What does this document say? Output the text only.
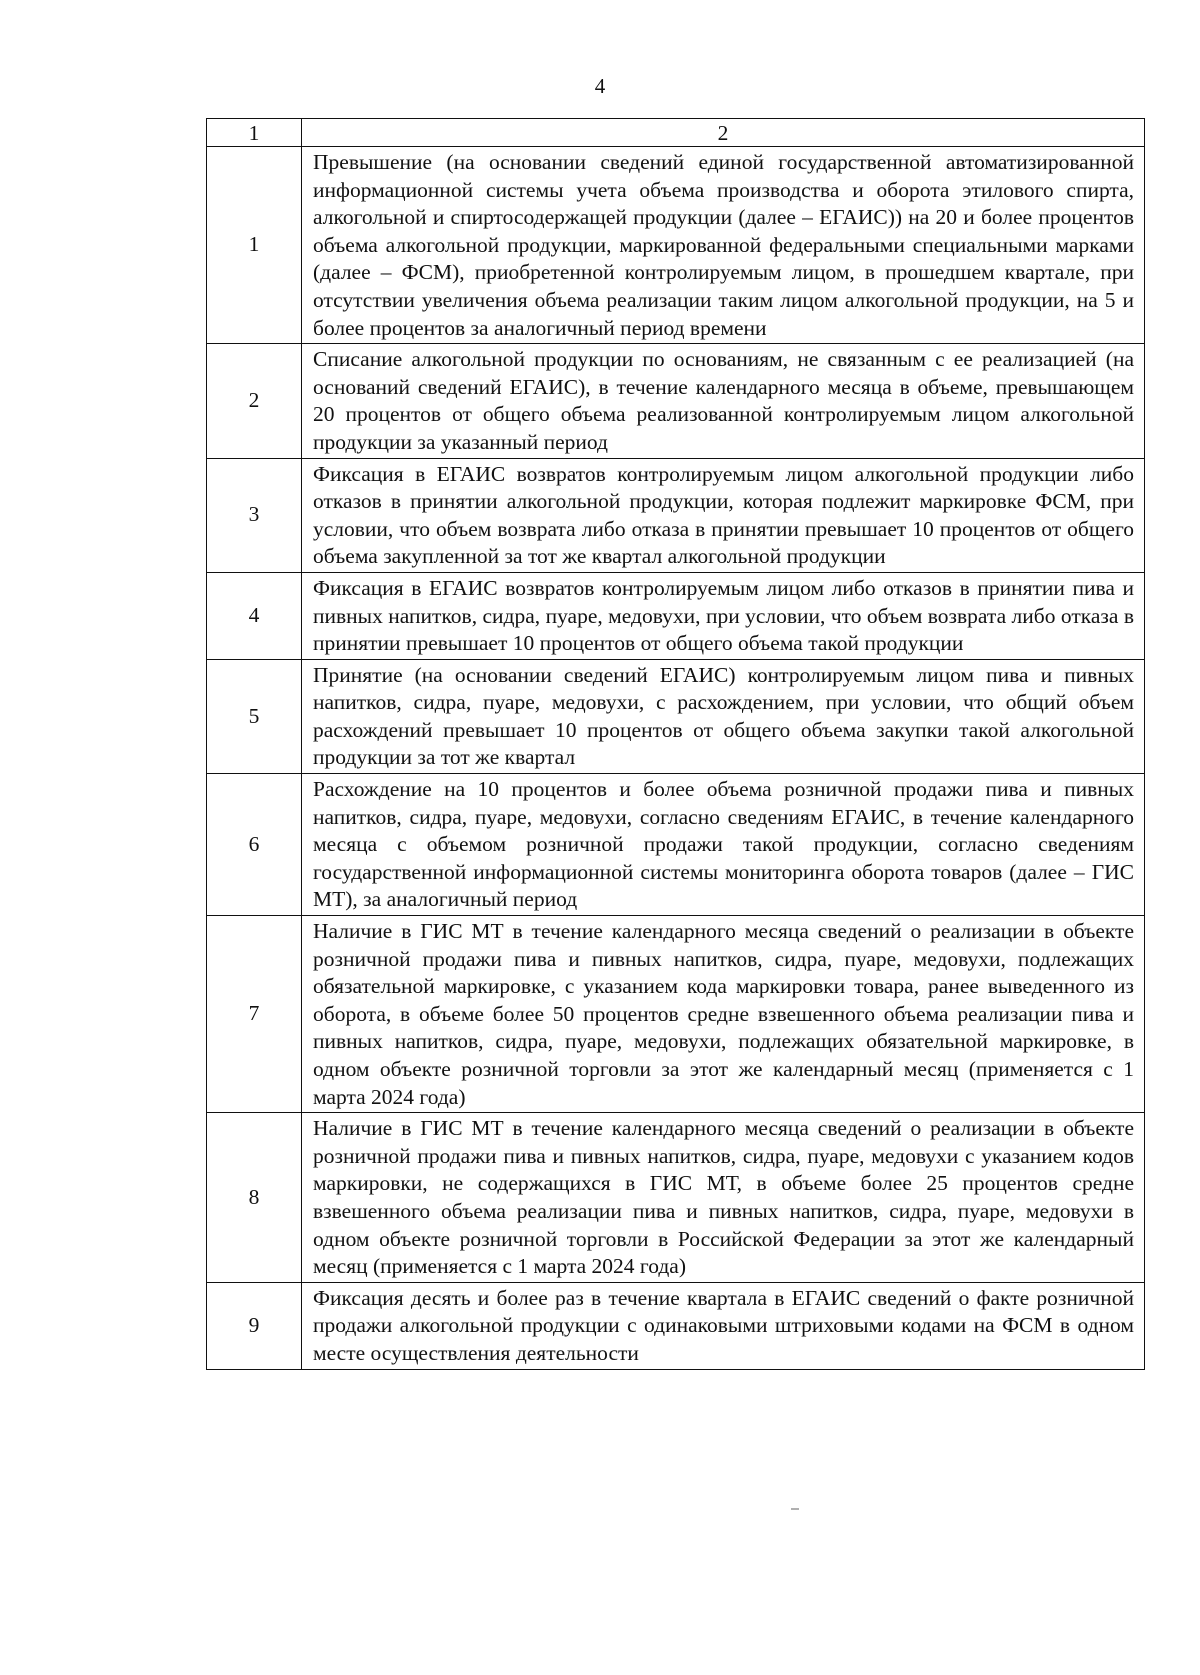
4
1	2
1	Превышение (на основании сведений единой государственной автоматизированной информационной системы учета объема производства и оборота этилового спирта, алкогольной и спиртосодержащей продукции (далее – ЕГАИС)) на 20 и более процентов объема алкогольной продукции, маркированной федеральными специальными марками (далее – ФСМ), приобретенной контролируемым лицом, в прошедшем квартале, при отсутствии увеличения объема реализации таким лицом алкогольной продукции, на 5 и более процентов за аналогичный период времени
2	Списание алкогольной продукции по основаниям, не связанным с ее реализацией (на оснований сведений ЕГАИС), в течение календарного месяца в объеме, превышающем 20 процентов от общего объема реализованной контролируемым лицом алкогольной продукции за указанный период
3	Фиксация в ЕГАИС возвратов контролируемым лицом алкогольной продукции либо отказов в принятии алкогольной продукции, которая подлежит маркировке ФСМ, при условии, что объем возврата либо отказа в принятии превышает 10 процентов от общего объема закупленной за тот же квартал алкогольной продукции
4	Фиксация в ЕГАИС возвратов контролируемым лицом либо отказов в принятии пива и пивных напитков, сидра, пуаре, медовухи, при условии, что объем возврата либо отказа в принятии превышает 10 процентов от общего объема такой продукции
5	Принятие (на основании сведений ЕГАИС) контролируемым лицом пива и пивных напитков, сидра, пуаре, медовухи, с расхождением, при условии, что общий объем расхождений превышает 10 процентов от общего объема закупки такой алкогольной продукции за тот же квартал
6	Расхождение на 10 процентов и более объема розничной продажи пива и пивных напитков, сидра, пуаре, медовухи, согласно сведениям ЕГАИС, в течение календарного месяца с объемом розничной продажи такой продукции, согласно сведениям государственной информационной системы мониторинга оборота товаров (далее – ГИС МТ), за аналогичный период
7	Наличие в ГИС МТ в течение календарного месяца сведений о реализации в объекте розничной продажи пива и пивных напитков, сидра, пуаре, медовухи, подлежащих обязательной маркировке, с указанием кода маркировки товара, ранее выведенного из оборота, в объеме более 50 процентов средне взвешенного объема реализации пива и пивных напитков, сидра, пуаре, медовухи, подлежащих обязательной маркировке, в одном объекте розничной торговли за этот же календарный месяц (применяется с 1 марта 2024 года)
8	Наличие в ГИС МТ в течение календарного месяца сведений о реализации в объекте розничной продажи пива и пивных напитков, сидра, пуаре, медовухи с указанием кодов маркировки, не содержащихся в ГИС МТ, в объеме более 25 процентов средне взвешенного объема реализации пива и пивных напитков, сидра, пуаре, медовухи в одном объекте розничной торговли в Российской Федерации за этот же календарный месяц (применяется с 1 марта 2024 года)
9	Фиксация десять и более раз в течение квартала в ЕГАИС сведений о факте розничной продажи алкогольной продукции с одинаковыми штриховыми кодами на ФСМ в одном месте осуществления деятельности
